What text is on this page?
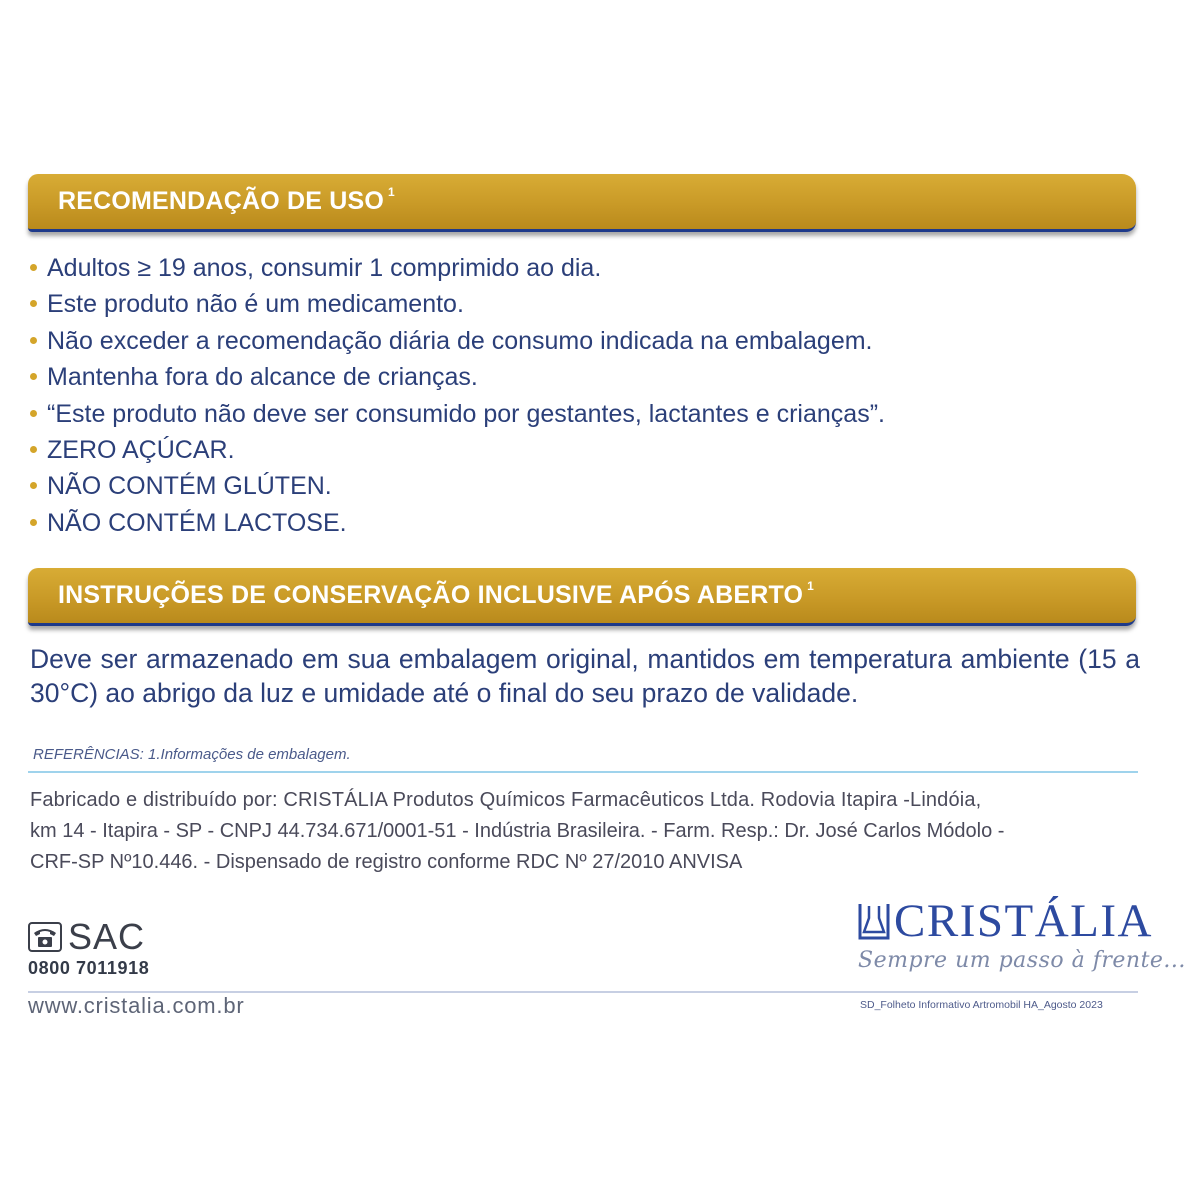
RECOMENDAÇÃO DE USO $^1$
Adultos ≥ 19 anos, consumir 1 comprimido ao dia.
Este produto não é um medicamento.
Não exceder a recomendação diária de consumo indicada na embalagem.
Mantenha fora do alcance de crianças.
“Este produto não deve ser consumido por gestantes, lactantes e crianças”.
ZERO AÇÚCAR.
NÃO CONTÉM GLÚTEN.
NÃO CONTÉM LACTOSE.
INSTRUÇÕES DE CONSERVAÇÃO INCLUSIVE APÓS ABERTO $^1$

Deve ser armazenado em sua embalagem original, mantidos em temperatura ambiente (15 a 30°C) ao abrigo da luz e umidade até o final do seu prazo de validade.

REFERÊNCIAS: 1.Informações de embalagem.
Fabricado e distribuído por: CRISTÁLIA Produtos Químicos Farmacêuticos Ltda. Rodovia Itapira -Lindóia,
km 14 - Itapira - SP - CNPJ 44.734.671/0001-51 - Indústria Brasileira. - Farm. Resp.: Dr. José Carlos Módolo -
CRF-SP Nº10.446. - Dispensado de registro conforme RDC Nº 27/2010 ANVISA
SAC
0800 7011918
www.cristalia.com.br
CRISTÁLIA
Sempre um passo à frente...
SD_Folheto Informativo Artromobil HA_Agosto 2023
